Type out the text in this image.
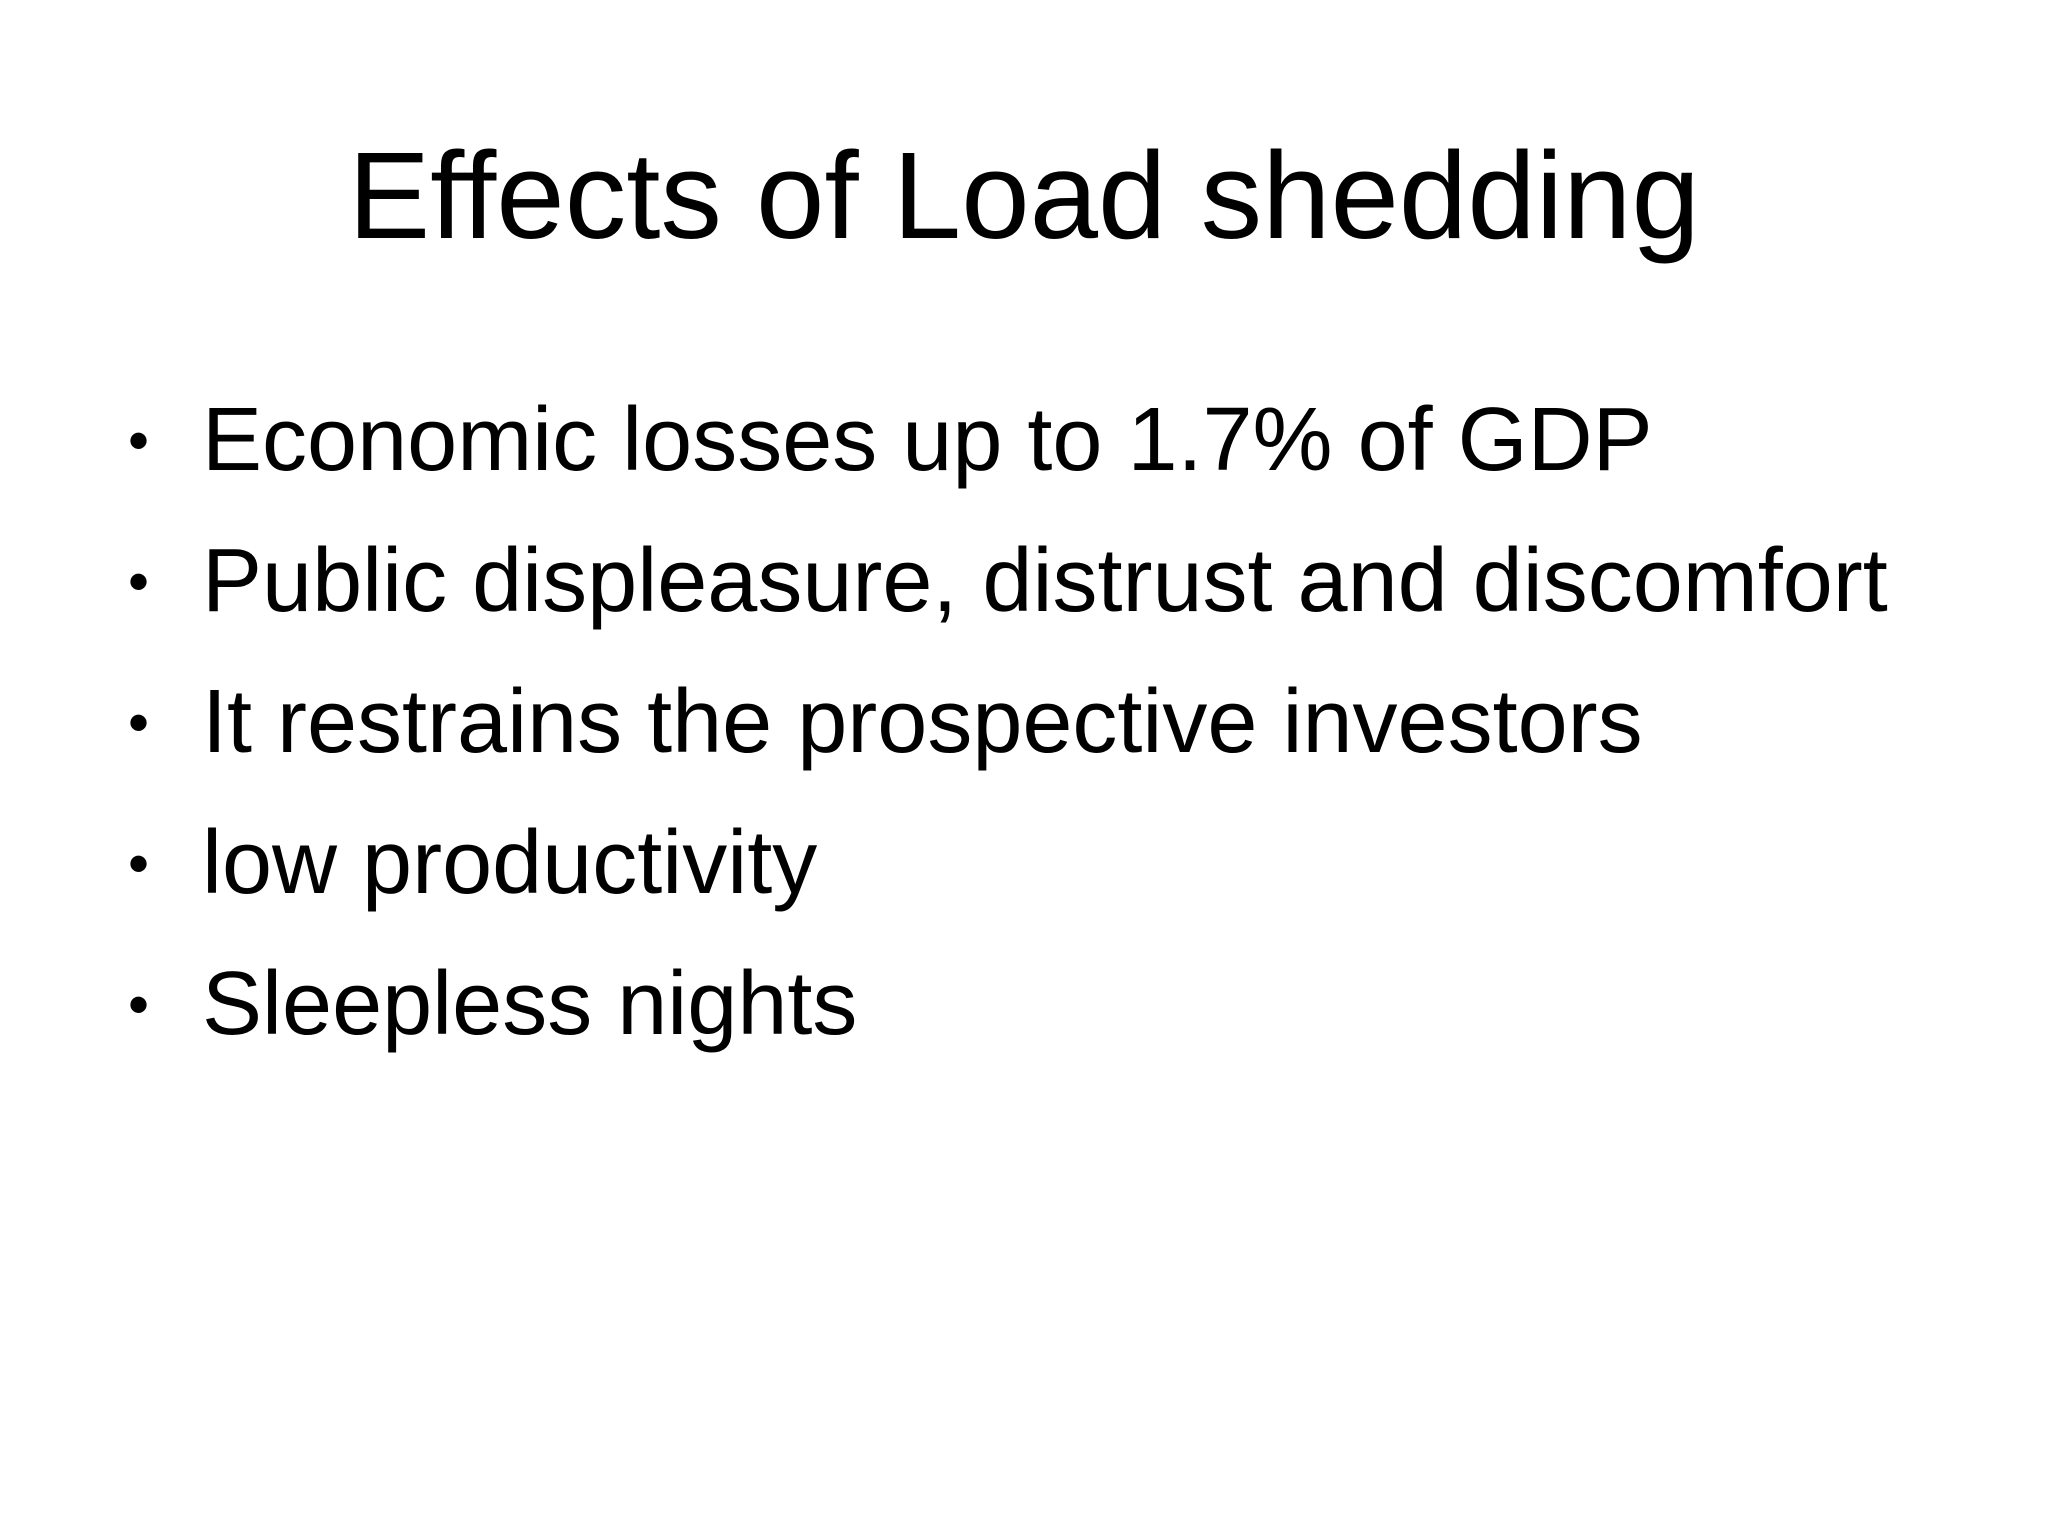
Effects of Load shedding
• Economic losses up to 1.7% of GDP
• Public displeasure, distrust and discomfort
• It restrains the prospective investors
• low productivity
• Sleepless nights
